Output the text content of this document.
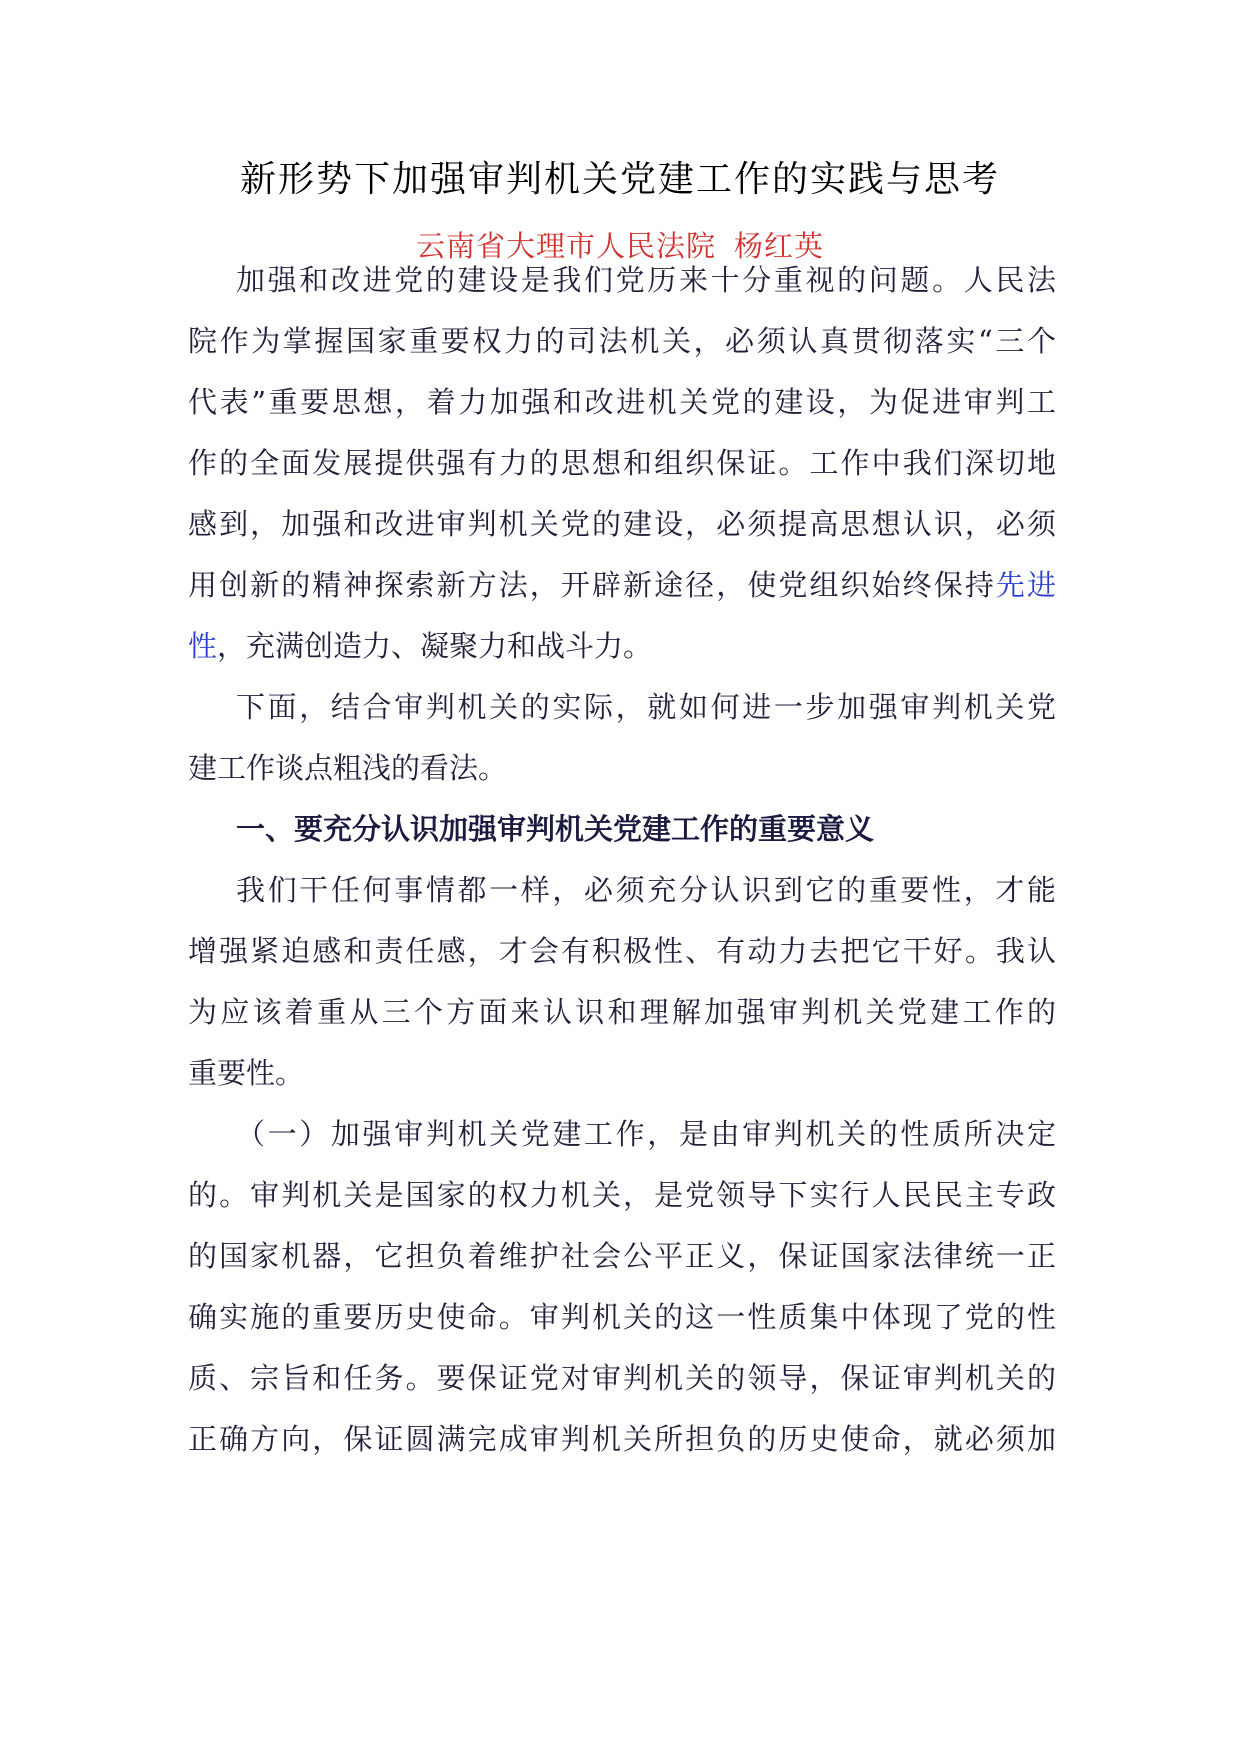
新形势下加强审判机关党建工作的实践与思考
云南省大理市人民法院 杨红英
加强和改进党的建设是我们党历来十分重视的问题。人民法
院作为掌握国家重要权力的司法机关，必须认真贯彻落实“三个
代表”重要思想，着力加强和改进机关党的建设，为促进审判工
作的全面发展提供强有力的思想和组织保证。工作中我们深切地
感到，加强和改进审判机关党的建设，必须提高思想认识，必须
用创新的精神探索新方法，开辟新途径，使党组织始终保持先进
性，充满创造力、凝聚力和战斗力。
下面，结合审判机关的实际，就如何进一步加强审判机关党
建工作谈点粗浅的看法。
一、要充分认识加强审判机关党建工作的重要意义
我们干任何事情都一样，必须充分认识到它的重要性，才能
增强紧迫感和责任感，才会有积极性、有动力去把它干好。我认
为应该着重从三个方面来认识和理解加强审判机关党建工作的
重要性。
（一）加强审判机关党建工作，是由审判机关的性质所决定
的。审判机关是国家的权力机关，是党领导下实行人民民主专政
的国家机器，它担负着维护社会公平正义，保证国家法律统一正
确实施的重要历史使命。审判机关的这一性质集中体现了党的性
质、宗旨和任务。要保证党对审判机关的领导，保证审判机关的
正确方向，保证圆满完成审判机关所担负的历史使命，就必须加
